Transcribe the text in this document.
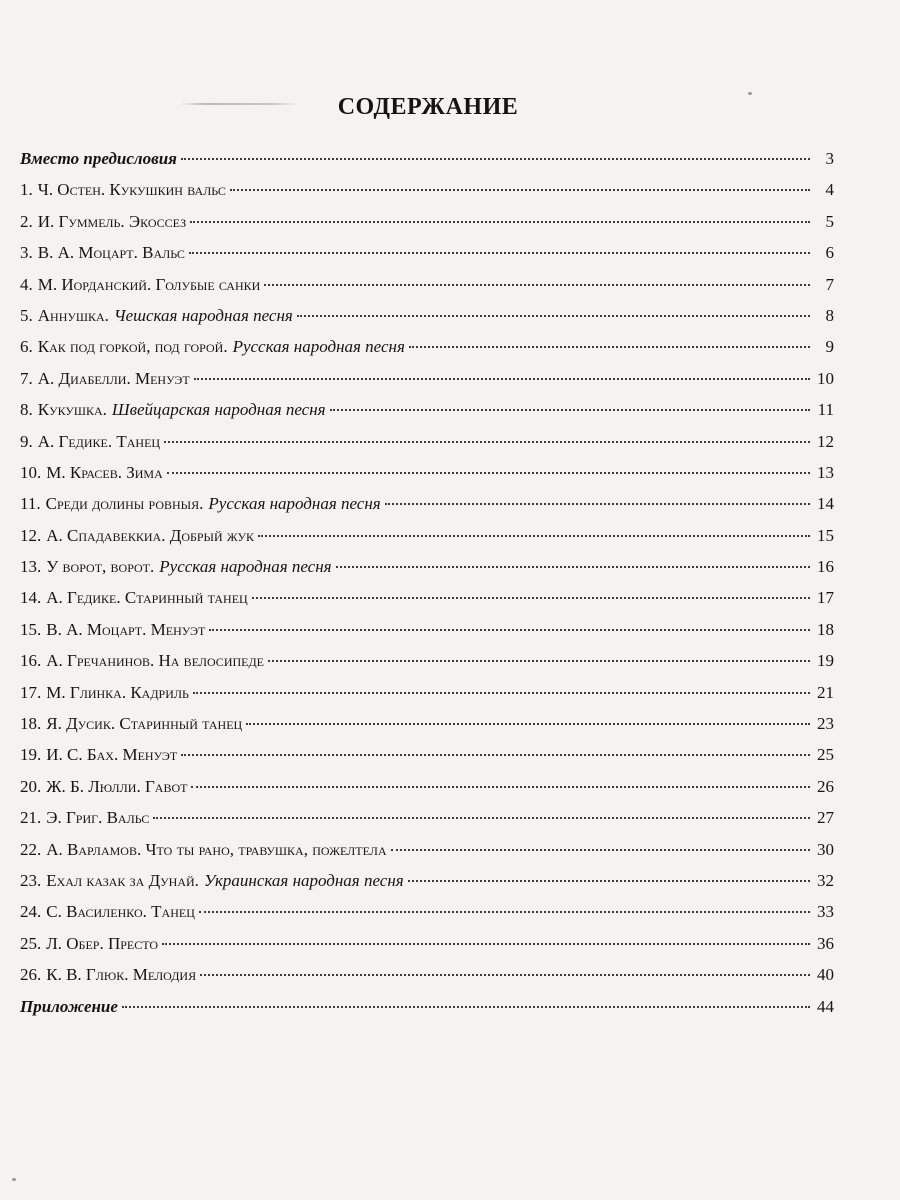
СОДЕРЖАНИЕ
Вместо предисловия	3
1. Ч. Остен. Кукушкин вальс	4
2. И. Гуммель. Экоссез	5
3. В. А. Моцарт. Вальс	6
4. М. Иорданский. Голубые санки	7
5. Аннушка. Чешская народная песня	8
6. Как под горкой, под горой. Русская народная песня	9
7. А. Диабелли. Менуэт	10
8. Кукушка. Швейцарская народная песня	11
9. А. Гедике. Танец	12
10. М. Красев. Зима	13
11. Среди долины ровныя. Русская народная песня	14
12. А. Спадавеккиа. Добрый жук	15
13. У ворот, ворот. Русская народная песня	16
14. А. Гедике. Старинный танец	17
15. В. А. Моцарт. Менуэт	18
16. А. Гречанинов. На велосипеде	19
17. М. Глинка. Кадриль	21
18. Я. Дусик. Старинный танец	23
19. И. С. Бах. Менуэт	25
20. Ж. Б. Люлли. Гавот	26
21. Э. Григ. Вальс	27
22. А. Варламов. Что ты рано, травушка, пожелтела	30
23. Ехал казак за Дунай. Украинская народная песня	32
24. С. Василенко. Танец	33
25. Л. Обер. Престо	36
26. К. В. Глюк. Мелодия	40
Приложение	44
